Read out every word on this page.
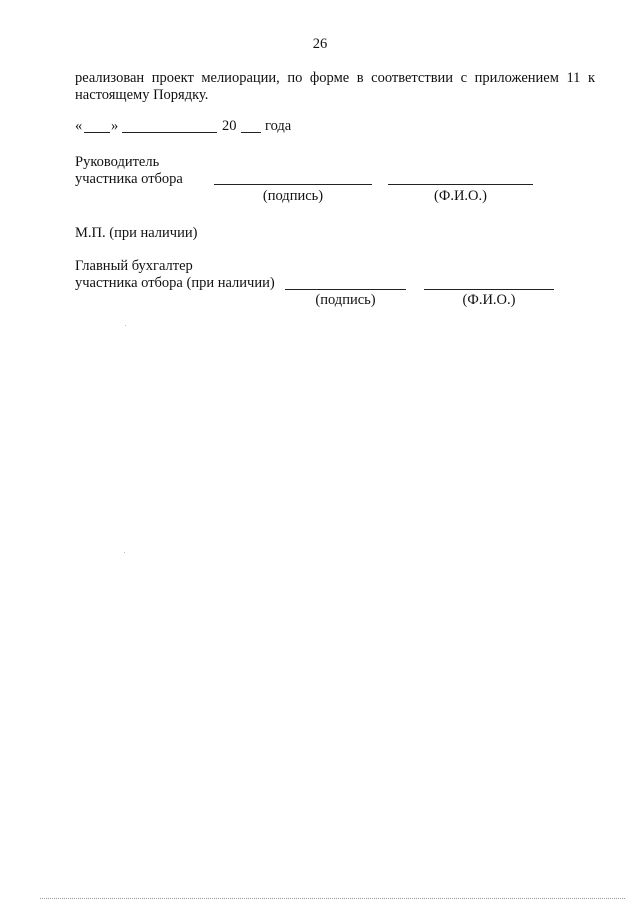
26
реализован проект мелиорации, по форме в соответствии с приложением 11 к настоящему Порядку.
« »	20 года
Руководитель
участника отбора
(подпись)	(Ф.И.О.)
М.П. (при наличии)
Главный бухгалтер
участника отбора (при наличии)
(подпись)	(Ф.И.О.)
